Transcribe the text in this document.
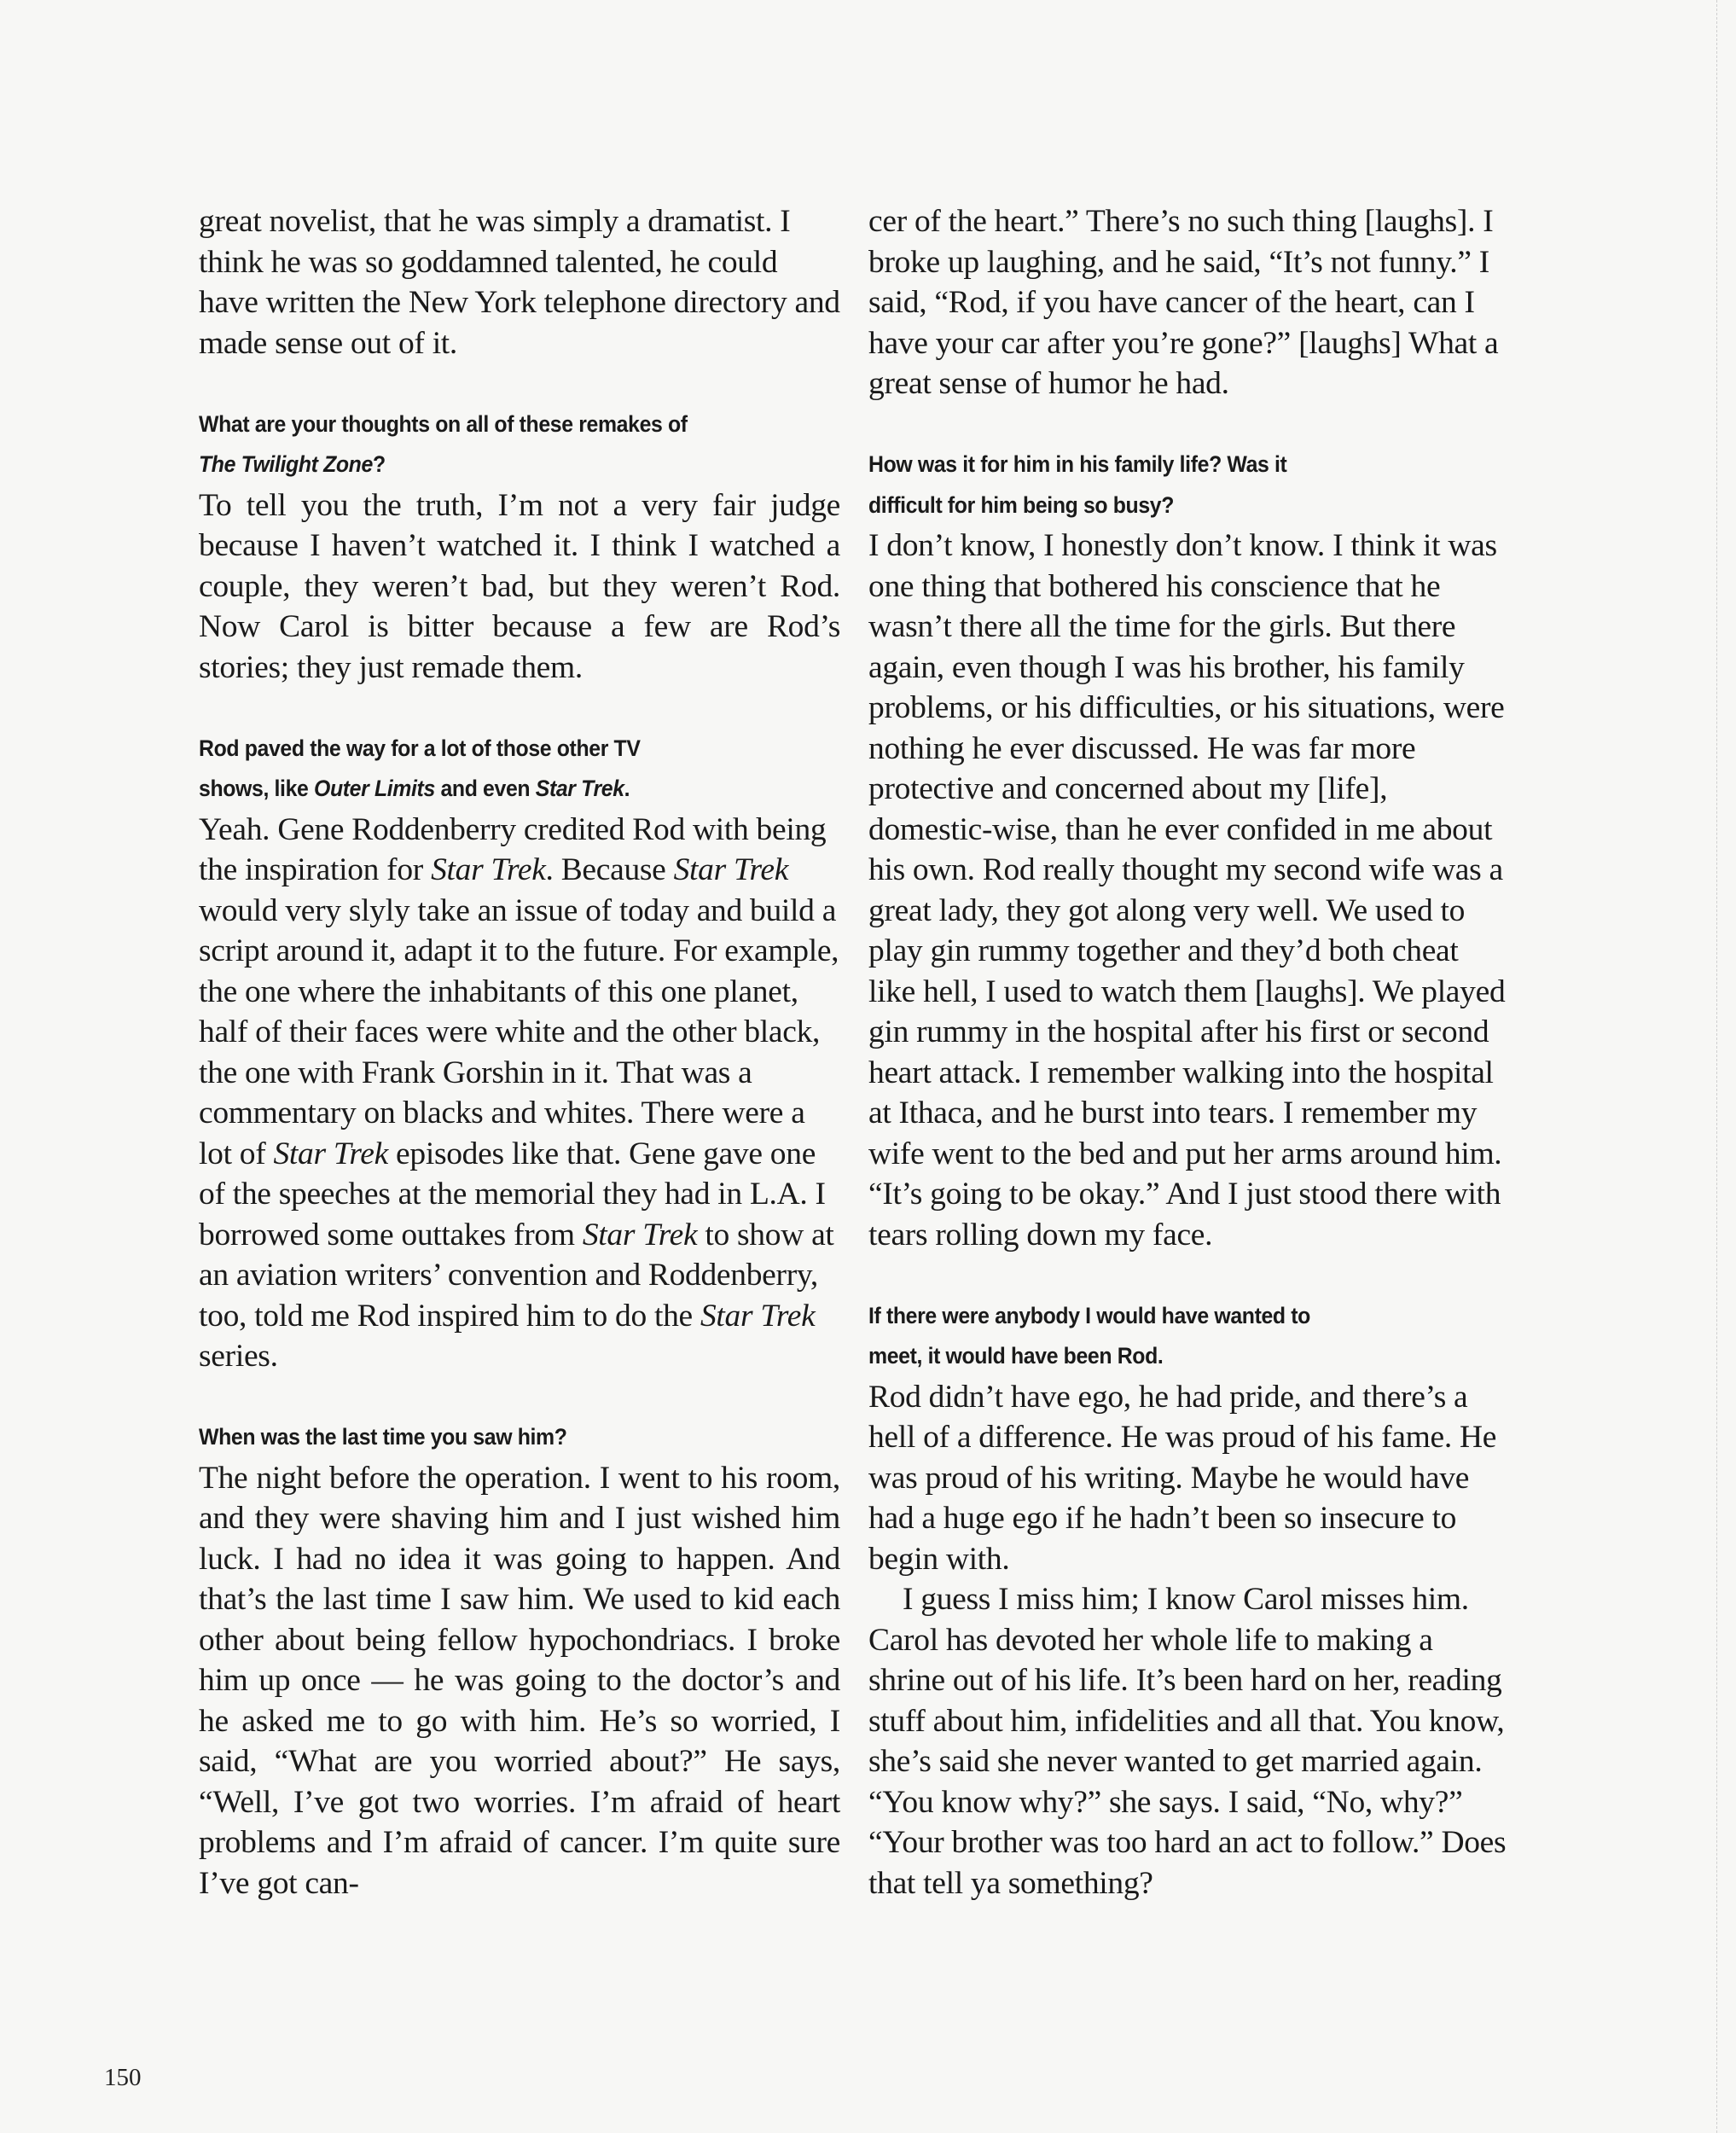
great novelist, that he was simply a dramatist. I think he was so goddamned talented, he could have written the New York telephone directory and made sense out of it.

What are your thoughts on all of these remakes of
The Twilight Zone?

To tell you the truth, I’m not a very fair judge because I haven’t watched it. I think I watched a couple, they weren’t bad, but they weren’t Rod. Now Carol is bitter because a few are Rod’s stories; they just remade them.

Rod paved the way for a lot of those other TV
shows, like Outer Limits and even Star Trek.

Yeah. Gene Roddenberry credited Rod with being the inspiration for Star Trek. Because Star Trek would very slyly take an issue of today and build a script around it, adapt it to the future. For example, the one where the inhabitants of this one planet, half of their faces were white and the other black, the one with Frank Gorshin in it. That was a commentary on blacks and whites. There were a lot of Star Trek episodes like that. Gene gave one of the speeches at the memorial they had in L.A. I borrowed some outtakes from Star Trek to show at an aviation writers’ convention and Roddenberry, too, told me Rod inspired him to do the Star Trek series.

When was the last time you saw him?

The night before the operation. I went to his room, and they were shaving him and I just wished him luck. I had no idea it was going to happen. And that’s the last time I saw him. We used to kid each other about being fellow hypochondriacs. I broke him up once — he was going to the doctor’s and he asked me to go with him. He’s so worried, I said, “What are you worried about?” He says, “Well, I’ve got two worries. I’m afraid of heart problems and I’m afraid of cancer. I’m quite sure I’ve got can-

cer of the heart.” There’s no such thing [laughs]. I broke up laughing, and he said, “It’s not funny.” I said, “Rod, if you have cancer of the heart, can I have your car after you’re gone?” [laughs] What a great sense of humor he had.

How was it for him in his family life? Was it
difficult for him being so busy?

I don’t know, I honestly don’t know. I think it was one thing that bothered his conscience that he wasn’t there all the time for the girls. But there again, even though I was his brother, his family problems, or his difficulties, or his situations, were nothing he ever discussed. He was far more protective and concerned about my [life], domestic-wise, than he ever confided in me about his own. Rod really thought my second wife was a great lady, they got along very well. We used to play gin rummy together and they’d both cheat like hell, I used to watch them [laughs]. We played gin rummy in the hospital after his first or second heart attack. I remember walking into the hospital at Ithaca, and he burst into tears. I remember my wife went to the bed and put her arms around him. “It’s going to be okay.” And I just stood there with tears rolling down my face.

If there were anybody I would have wanted to
meet, it would have been Rod.

Rod didn’t have ego, he had pride, and there’s a hell of a difference. He was proud of his fame. He was proud of his writing. Maybe he would have had a huge ego if he hadn’t been so insecure to begin with.

I guess I miss him; I know Carol misses him. Carol has devoted her whole life to making a shrine out of his life. It’s been hard on her, reading stuff about him, infidelities and all that. You know, she’s said she never wanted to get married again. “You know why?” she says. I said, “No, why?” “Your brother was too hard an act to follow.” Does that tell ya something?

150
